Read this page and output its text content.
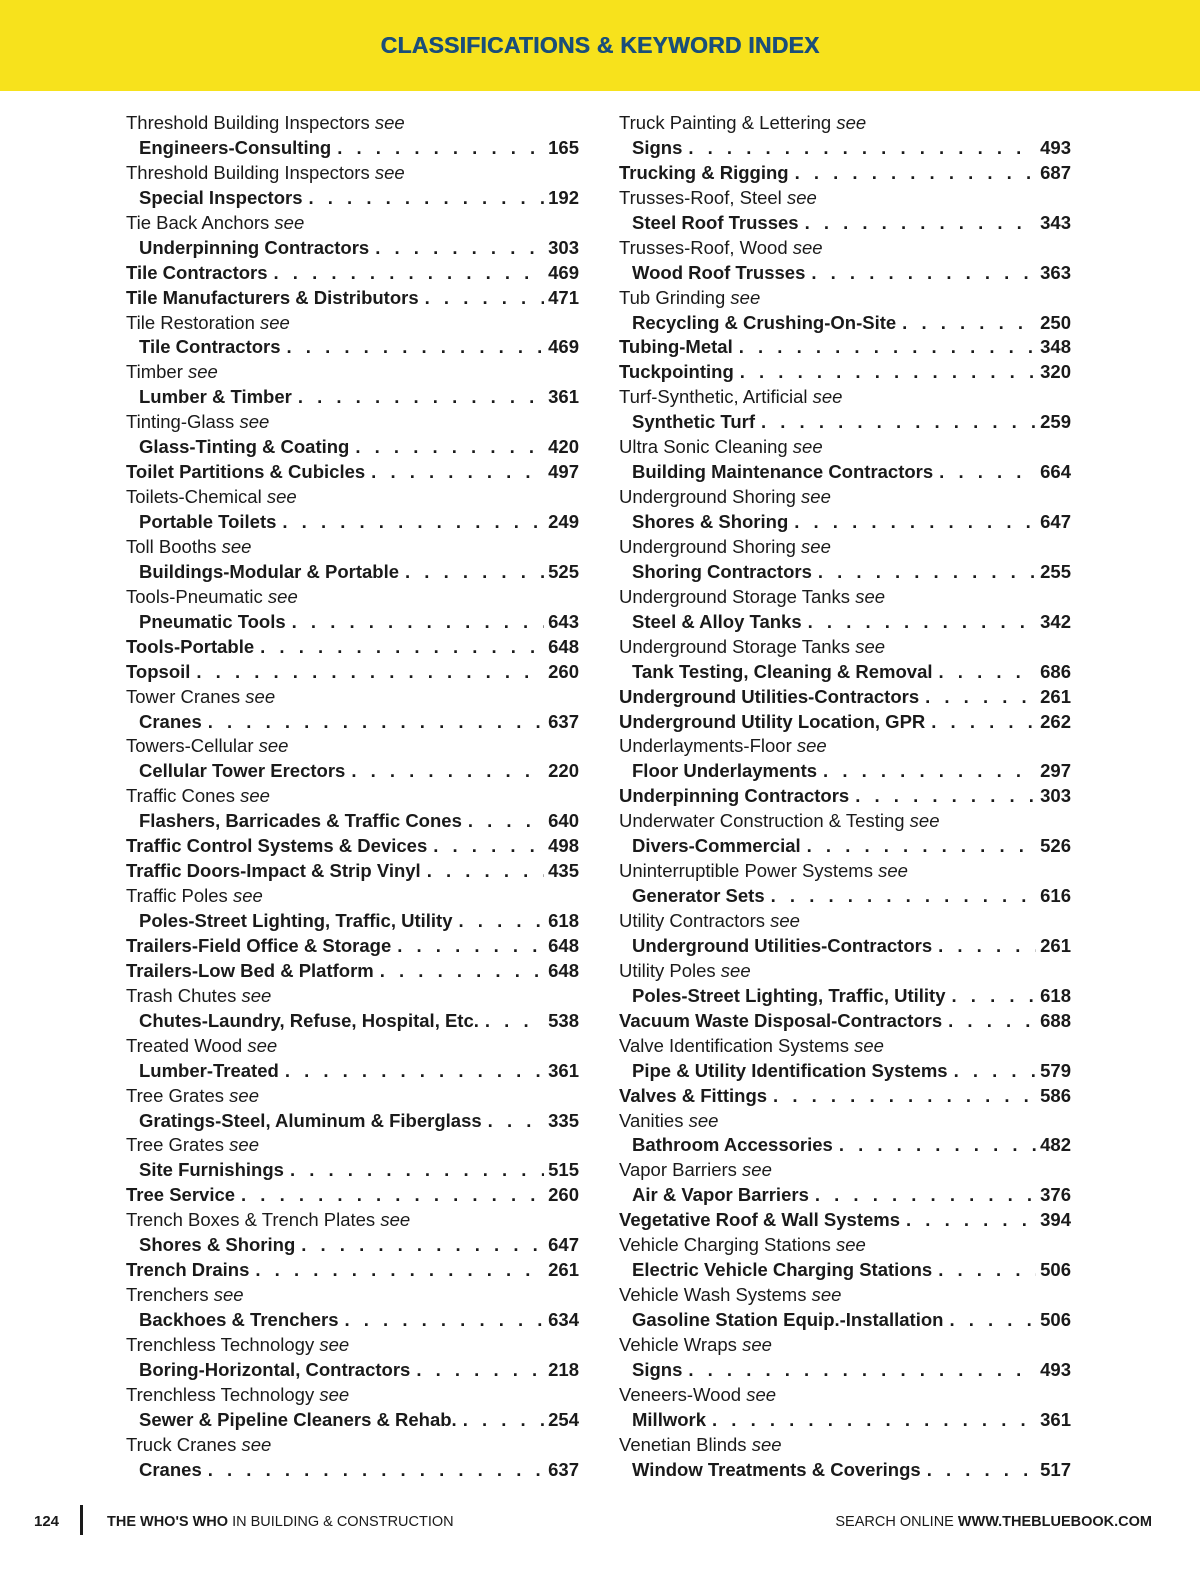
CLASSIFICATIONS & KEYWORD INDEX
Threshold Building Inspectors see
Engineers-Consulting . . .	165
Threshold Building Inspectors see
Special Inspectors . . .	192
Tie Back Anchors see
Underpinning Contractors . . .	303
Tile Contractors . . .	469
Tile Manufacturers & Distributors . . .	471
Tile Restoration see
Tile Contractors . . .	469
Timber see
Lumber & Timber . . .	361
Tinting-Glass see
Glass-Tinting & Coating . . .	420
Toilet Partitions & Cubicles . . .	497
Toilets-Chemical see
Portable Toilets . . .	249
Toll Booths see
Buildings-Modular & Portable . . .	525
Tools-Pneumatic see
Pneumatic Tools . . .	643
Tools-Portable . . .	648
Topsoil . . .	260
Tower Cranes see
Cranes . . .	637
Towers-Cellular see
Cellular Tower Erectors . . .	220
Traffic Cones see
Flashers, Barricades & Traffic Cones . . .	640
Traffic Control Systems & Devices . . .	498
Traffic Doors-Impact & Strip Vinyl . . .	435
Traffic Poles see
Poles-Street Lighting, Traffic, Utility . . .	618
Trailers-Field Office & Storage . . .	648
Trailers-Low Bed & Platform . . .	648
Trash Chutes see
Chutes-Laundry, Refuse, Hospital, Etc. . . .	538
Treated Wood see
Lumber-Treated . . .	361
Tree Grates see
Gratings-Steel, Aluminum & Fiberglass . . .	335
Tree Grates see
Site Furnishings . . .	515
Tree Service . . .	260
Trench Boxes & Trench Plates see
Shores & Shoring . . .	647
Trench Drains . . .	261
Trenchers see
Backhoes & Trenchers . . .	634
Trenchless Technology see
Boring-Horizontal, Contractors . . .	218
Trenchless Technology see
Sewer & Pipeline Cleaners & Rehab. . . .	254
Truck Cranes see
Cranes . . .	637
Truck Painting & Lettering see
Signs . . .	493
Trucking & Rigging . . .	687
Trusses-Roof, Steel see
Steel Roof Trusses . . .	343
Trusses-Roof, Wood see
Wood Roof Trusses . . .	363
Tub Grinding see
Recycling & Crushing-On-Site . . .	250
Tubing-Metal . . .	348
Tuckpointing . . .	320
Turf-Synthetic, Artificial see
Synthetic Turf . . .	259
Ultra Sonic Cleaning see
Building Maintenance Contractors . . .	664
Underground Shoring see
Shores & Shoring . . .	647
Underground Shoring see
Shoring Contractors . . .	255
Underground Storage Tanks see
Steel & Alloy Tanks . . .	342
Underground Storage Tanks see
Tank Testing, Cleaning & Removal . . .	686
Underground Utilities-Contractors . . .	261
Underground Utility Location, GPR . . .	262
Underlayments-Floor see
Floor Underlayments . . .	297
Underpinning Contractors . . .	303
Underwater Construction & Testing see
Divers-Commercial . . .	526
Uninterruptible Power Systems see
Generator Sets . . .	616
Utility Contractors see
Underground Utilities-Contractors . . .	261
Utility Poles see
Poles-Street Lighting, Traffic, Utility . . .	618
Vacuum Waste Disposal-Contractors . . .	688
Valve Identification Systems see
Pipe & Utility Identification Systems . . .	579
Valves & Fittings . . .	586
Vanities see
Bathroom Accessories . . .	482
Vapor Barriers see
Air & Vapor Barriers . . .	376
Vegetative Roof & Wall Systems . . .	394
Vehicle Charging Stations see
Electric Vehicle Charging Stations . . .	506
Vehicle Wash Systems see
Gasoline Station Equip.-Installation . . .	506
Vehicle Wraps see
Signs . . .	493
Veneers-Wood see
Millwork . . .	361
Venetian Blinds see
Window Treatments & Coverings . . .	517
124	THE WHO'S WHO IN BUILDING & CONSTRUCTION	SEARCH ONLINE WWW.THEBLUEBOOK.COM
